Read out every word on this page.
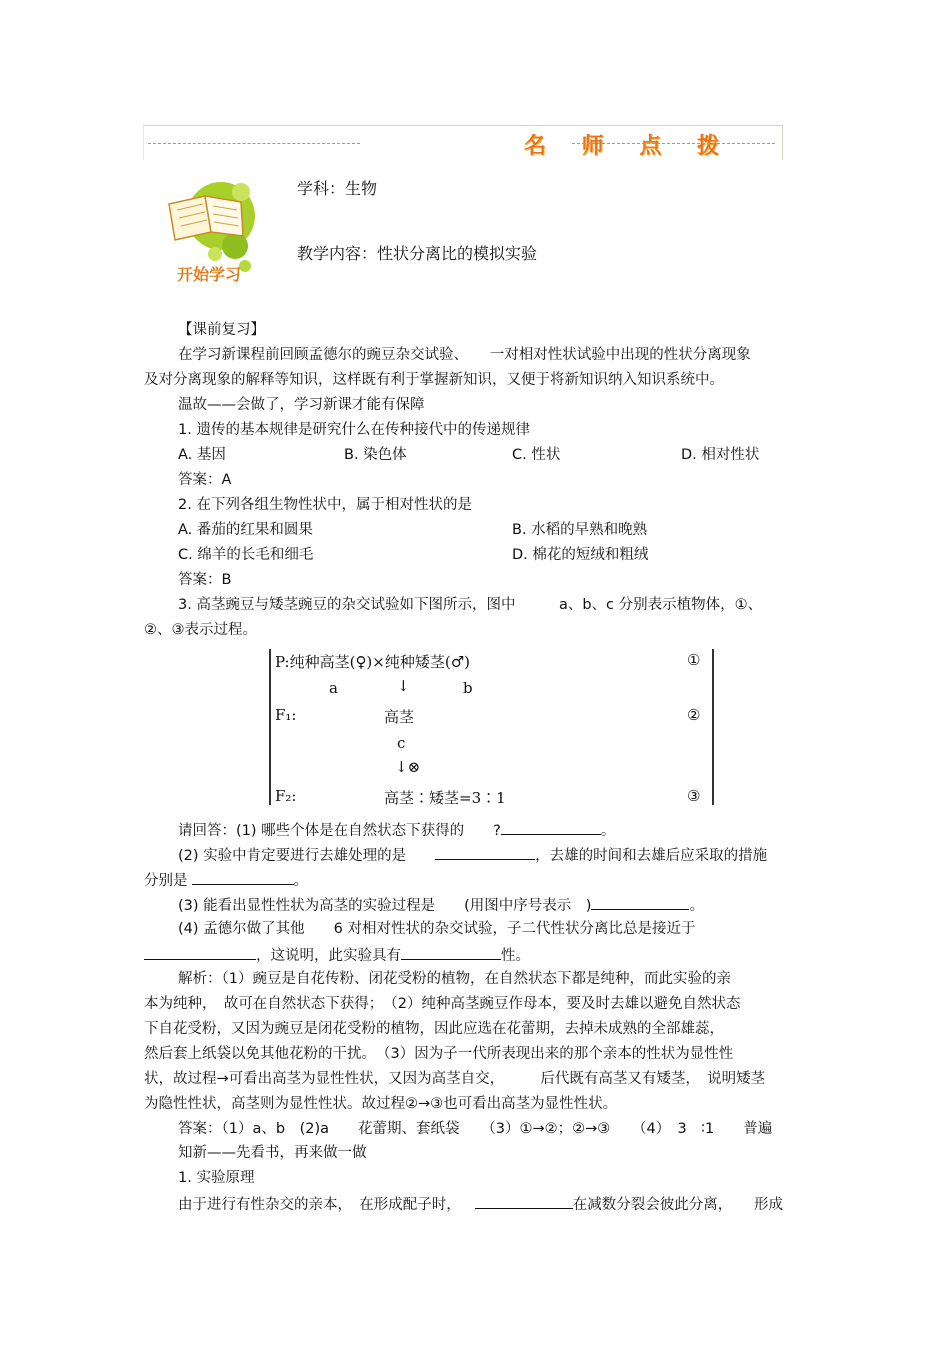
名 师 点 拨
开始学习
学科：生物
教学内容：性状分离比的模拟实验
【课前复习】
在学习新课程前回顾孟德尔的豌豆杂交试验、　　一对相对性状试验中出现的性状分离现象
及对分离现象的解释等知识，这样既有利于掌握新知识，又便于将新知识纳入知识系统中。
温故——会做了，学习新课才能有保障
1. 遗传的基本规律是研究什么在传种接代中的传递规律
A. 基因	B. 染色体	C. 性状	D. 相对性状
答案：A
2. 在下列各组生物性状中，属于相对性状的是
A. 番茄的红果和圆果	B. 水稻的早熟和晚熟
C. 绵羊的长毛和细毛	D. 棉花的短绒和粗绒
答案：B
3. 高茎豌豆与矮茎豌豆的杂交试验如下图所示，图中　　　a、b、c 分别表示植物体，①、
②、③表示过程。
P:纯种高茎(♀)×纯种矮茎(♂)	①
a	↓	b
F₁:	高茎	②
c
↓⊗
F₂:	高茎∶矮茎=3∶1	③
请回答：(1) 哪些个体是在自然状态下获得的　　?	。
(2) 实验中肯定要进行去雄处理的是　　	，去雄的时间和去雄后应采取的措施
分别是	。
(3) 能看出显性性状为高茎的实验过程是　　(用图中序号表示　)	。
(4) 孟德尔做了其他　　6 对相对性状的杂交试验，子二代性状分离比总是接近于
，这说明，此实验具有	性。
解析：（1）豌豆是自花传粉、闭花受粉的植物，在自然状态下都是纯种，而此实验的亲
本为纯种，　故可在自然状态下获得；　（2）纯种高茎豌豆作母本，要及时去雄以避免自然状态
下自花受粉，又因为豌豆是闭花受粉的植物，因此应选在花蕾期，去掉未成熟的全部雄蕊，
然后套上纸袋以免其他花粉的干扰。　（3）因为子一代所表现出来的那个亲本的性状为显性性
状，故过程→可看出高茎为显性性状，又因为高茎自交，　　　后代既有高茎又有矮茎，　说明矮茎
为隐性性状，高茎则为显性性状。故过程②→③也可看出高茎为显性性状。
答案：（1）a、b　(2)a　　花蕾期、套纸袋　　（3）①→②；②→③　　（4）　3　∶1　　普遍
知新——先看书，再来做一做
1. 实验原理
由于进行有性杂交的亲本，　在形成配子时，	在减数分裂会彼此分离，　　形成
